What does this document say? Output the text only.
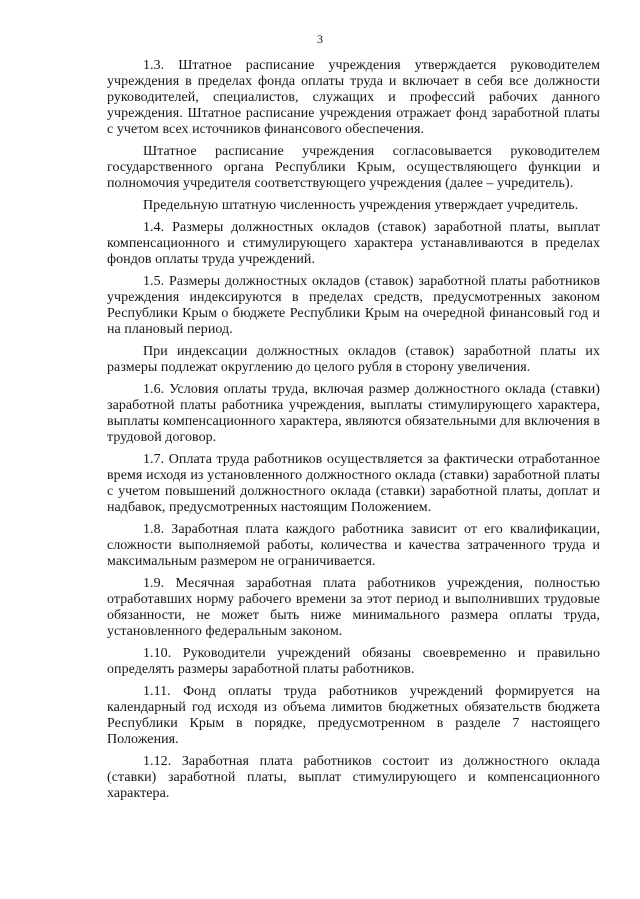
3

1.3. Штатное расписание учреждения утверждается руководителем учреждения в пределах фонда оплаты труда и включает в себя все должности руководителей, специалистов, служащих и профессий рабочих данного учреждения. Штатное расписание учреждения отражает фонд заработной платы с учетом всех источников финансового обеспечения.

Штатное расписание учреждения согласовывается руководителем государственного органа Республики Крым, осуществляющего функции и полномочия учредителя соответствующего учреждения (далее – учредитель).

Предельную штатную численность учреждения утверждает учредитель.

1.4. Размеры должностных окладов (ставок) заработной платы, выплат компенсационного и стимулирующего характера устанавливаются в пределах фондов оплаты труда учреждений.

1.5. Размеры должностных окладов (ставок) заработной платы работников учреждения индексируются в пределах средств, предусмотренных законом Республики Крым о бюджете Республики Крым на очередной финансовый год и на плановый период.

При индексации должностных окладов (ставок) заработной платы их размеры подлежат округлению до целого рубля в сторону увеличения.

1.6. Условия оплаты труда, включая размер должностного оклада (ставки) заработной платы работника учреждения, выплаты стимулирующего характера, выплаты компенсационного характера, являются обязательными для включения в трудовой договор.

1.7. Оплата труда работников осуществляется за фактически отработанное время исходя из установленного должностного оклада (ставки) заработной платы с учетом повышений должностного оклада (ставки) заработной платы, доплат и надбавок, предусмотренных настоящим Положением.

1.8. Заработная плата каждого работника зависит от его квалификации, сложности выполняемой работы, количества и качества затраченного труда и максимальным размером не ограничивается.

1.9. Месячная заработная плата работников учреждения, полностью отработавших норму рабочего времени за этот период и выполнивших трудовые обязанности, не может быть ниже минимального размера оплаты труда, установленного федеральным законом.

1.10. Руководители учреждений обязаны своевременно и правильно определять размеры заработной платы работников.

1.11. Фонд оплаты труда работников учреждений формируется на календарный год исходя из объема лимитов бюджетных обязательств бюджета Республики Крым в порядке, предусмотренном в разделе 7 настоящего Положения.

1.12. Заработная плата работников состоит из должностного оклада (ставки) заработной платы, выплат стимулирующего и компенсационного характера.
